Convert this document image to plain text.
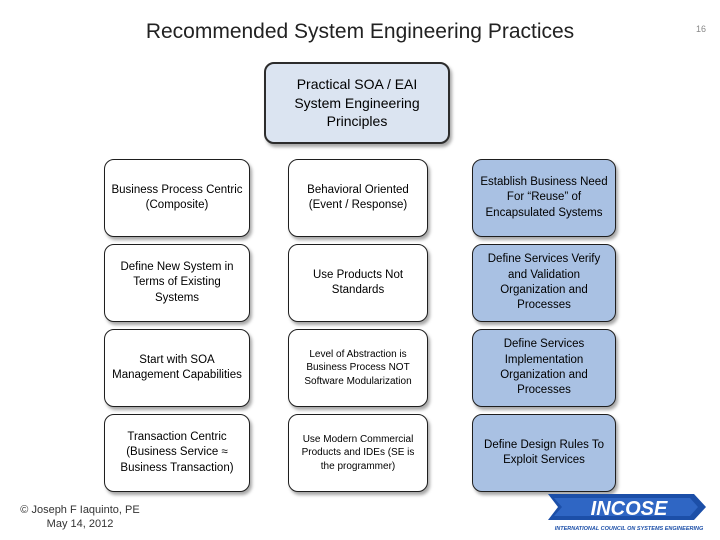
Recommended System Engineering Practices	16
Practical SOA / EAI System Engineering Principles
Business Process Centric (Composite)
Define New System in Terms of Existing Systems
Start with SOA Management Capabilities
Transaction Centric (Business Service ≈ Business Transaction)
Behavioral Oriented (Event / Response)
Use Products Not Standards
Level of Abstraction is Business Process NOT Software Modularization
Use Modern Commercial Products and IDEs (SE is the programmer)
Establish Business Need For “Reuse” of Encapsulated Systems
Define Services Verify and Validation Organization and Processes
Define Services Implementation Organization and Processes
Define Design Rules To Exploit Services
© Joseph F Iaquinto, PE
May 14, 2012
INCOSE
INTERNATIONAL COUNCIL ON SYSTEMS ENGINEERING
